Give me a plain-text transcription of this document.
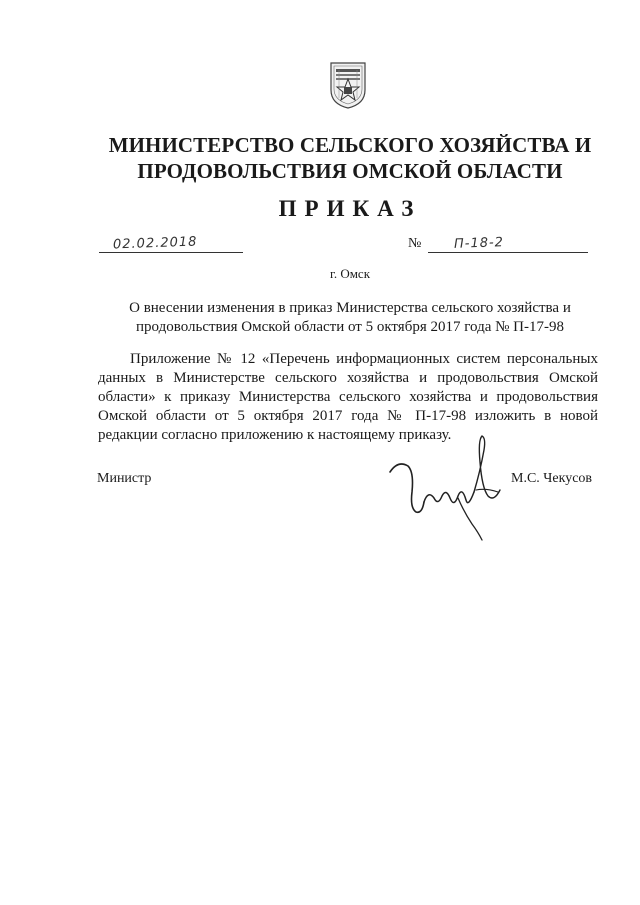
МИНИСТЕРСТВО СЕЛЬСКОГО ХОЗЯЙСТВА И
ПРОДОВОЛЬСТВИЯ ОМСКОЙ ОБЛАСТИ
ПРИКАЗ
02.02.2018	№ П-18-2
г. Омск
О внесении изменения в приказ Министерства сельского хозяйства и
продовольствия Омской области от 5 октября 2017 года № П-17-98
Приложение № 12 «Перечень информационных систем персональных данных в Министерстве сельского хозяйства и продовольствия Омской области» к приказу Министерства сельского хозяйства и продовольствия Омской области от 5 октября 2017 года № П-17-98 изложить в новой редакции согласно приложению к настоящему приказу.
Министр	М.С. Чекусов
